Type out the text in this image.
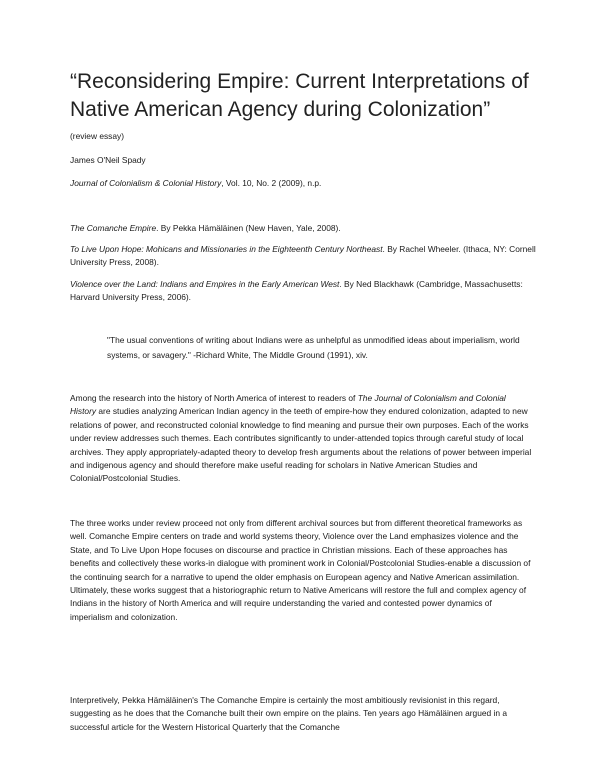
“Reconsidering Empire: Current Interpretations of Native American Agency during Colonization”
(review essay)
James O'Neil Spady
Journal of Colonialism & Colonial History, Vol. 10, No. 2 (2009), n.p.

The Comanche Empire. By Pekka Hämäläinen (New Haven, Yale, 2008).

To Live Upon Hope: Mohicans and Missionaries in the Eighteenth Century Northeast. By Rachel Wheeler. (Ithaca, NY: Cornell University Press, 2008).

Violence over the Land: Indians and Empires in the Early American West. By Ned Blackhawk (Cambridge, Massachusetts: Harvard University Press, 2006).

"The usual conventions of writing about Indians were as unhelpful as unmodified ideas about imperialism, world systems, or savagery." -Richard White, The Middle Ground (1991), xiv.

Among the research into the history of North America of interest to readers of The Journal of Colonialism and Colonial History are studies analyzing American Indian agency in the teeth of empire-how they endured colonization, adapted to new relations of power, and reconstructed colonial knowledge to find meaning and pursue their own purposes. Each of the works under review addresses such themes. Each contributes significantly to under-attended topics through careful study of local archives. They apply appropriately-adapted theory to develop fresh arguments about the relations of power between imperial and indigenous agency and should therefore make useful reading for scholars in Native American Studies and Colonial/Postcolonial Studies.

The three works under review proceed not only from different archival sources but from different theoretical frameworks as well. Comanche Empire centers on trade and world systems theory, Violence over the Land emphasizes violence and the State, and To Live Upon Hope focuses on discourse and practice in Christian missions. Each of these approaches has benefits and collectively these works-in dialogue with prominent work in Colonial/Postcolonial Studies-enable a discussion of the continuing search for a narrative to upend the older emphasis on European agency and Native American assimilation. Ultimately, these works suggest that a historiographic return to Native Americans will restore the full and complex agency of Indians in the history of North America and will require understanding the varied and contested power dynamics of imperialism and colonization.

Interpretively, Pekka Hämäläinen's The Comanche Empire is certainly the most ambitiously revisionist in this regard, suggesting as he does that the Comanche built their own empire on the plains. Ten years ago Hämäläinen argued in a successful article for the Western Historical Quarterly that the Comanche
